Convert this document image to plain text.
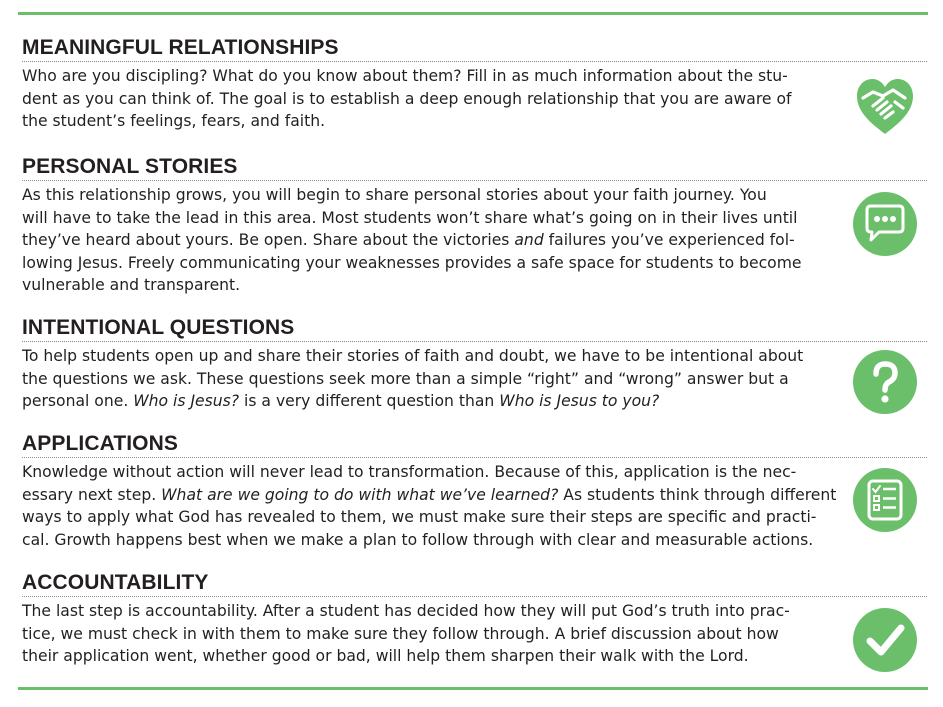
MEANINGFUL RELATIONSHIPS
Who are you discipling? What do you know about them? Fill in as much information about the stu-
dent as you can think of. The goal is to establish a deep enough relationship that you are aware of
the student’s feelings, fears, and faith.
PERSONAL STORIES
As this relationship grows, you will begin to share personal stories about your faith journey. You
will have to take the lead in this area. Most students won’t share what’s going on in their lives until
they’ve heard about yours. Be open. Share about the victories and failures you’ve experienced fol-
lowing Jesus. Freely communicating your weaknesses provides a safe space for students to become
vulnerable and transparent.
INTENTIONAL QUESTIONS
To help students open up and share their stories of faith and doubt, we have to be intentional about
the questions we ask. These questions seek more than a simple “right” and “wrong” answer but a
personal one. Who is Jesus? is a very different question than Who is Jesus to you?
APPLICATIONS
Knowledge without action will never lead to transformation. Because of this, application is the nec-
essary next step. What are we going to do with what we’ve learned? As students think through different
ways to apply what God has revealed to them, we must make sure their steps are specific and practi-
cal. Growth happens best when we make a plan to follow through with clear and measurable actions.
ACCOUNTABILITY
The last step is accountability. After a student has decided how they will put God’s truth into prac-
tice, we must check in with them to make sure they follow through. A brief discussion about how
their application went, whether good or bad, will help them sharpen their walk with the Lord.
